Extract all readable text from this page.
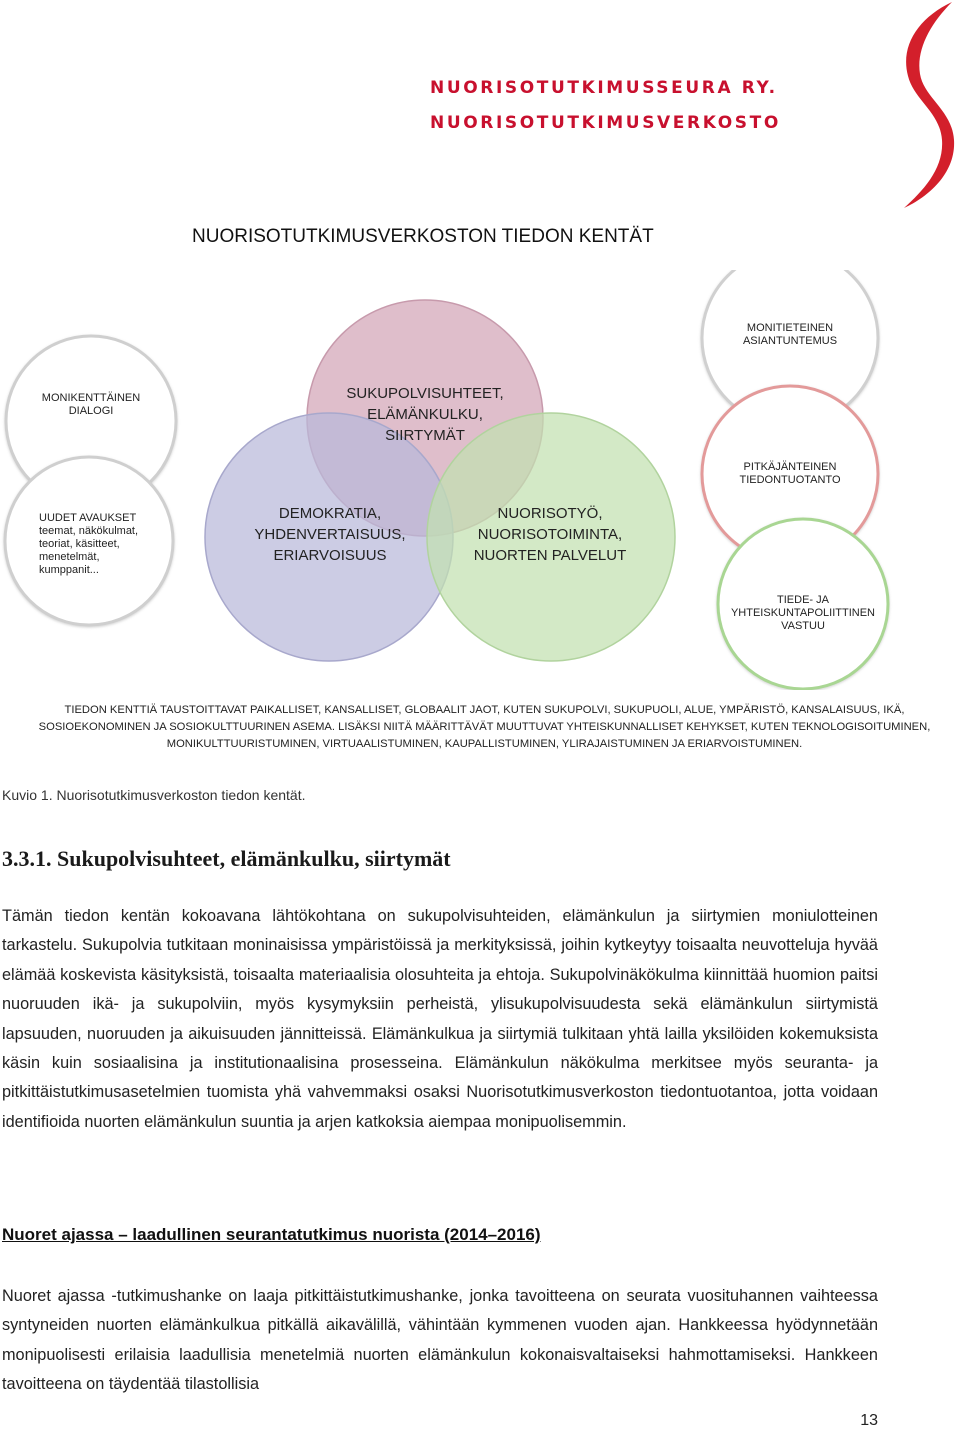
NUORISOTUTKIMUSSEURA RY.
NUORISOTUTKIMUSVERKOSTO
NUORISOTUTKIMUSVERKOSTON TIEDON KENTÄT
SUKUPOLVISUHTEET,
ELÄMÄNKULKU,
SIIRTYMÄT
DEMOKRATIA,
YHDENVERTAISUUS,
ERIARVOISUUS
NUORISOTYÖ,
NUORISOTOIMINTA,
NUORTEN PALVELUT
MONIKENTTÄINEN
DIALOGI
UUDET AVAUKSET
teemat, näkökulmat,
teoriat, käsitteet,
menetelmät,
kumppanit...
MONITIETEINEN
ASIANTUNTEMUS
PITKÄJÄNTEINEN
TIEDONTUOTANTO
TIEDE- JA
YHTEISKUNTAPOLIITTINEN
VASTUU
TIEDON KENTTIÄ TAUSTOITTAVAT PAIKALLISET, KANSALLISET, GLOBAALIT JAOT, KUTEN SUKUPOLVI, SUKUPUOLI, ALUE, YMPÄRISTÖ, KANSALAISUUS, IKÄ, SOSIOEKONOMINEN JA SOSIOKULTTUURINEN ASEMA. LISÄKSI NIITÄ MÄÄRITTÄVÄT MUUTTUVAT YHTEISKUNNALLISET KEHYKSET, KUTEN TEKNOLOGISOITUMINEN, MONIKULTTUURISTUMINEN, VIRTUAALISTUMINEN, KAUPALLISTUMINEN, YLIRAJAISTUMINEN JA ERIARVOISTUMINEN.
Kuvio 1. Nuorisotutkimusverkoston tiedon kentät.
3.3.1. Sukupolvisuhteet, elämänkulku, siirtymät
Tämän tiedon kentän kokoavana lähtökohtana on sukupolvisuhteiden, elämänkulun ja siirtymien moniulotteinen tarkastelu. Sukupolvia tutkitaan moninaisissa ympäristöissä ja merkityksissä, joihin kytkeytyy toisaalta neuvotteluja hyvää elämää koskevista käsityksistä, toisaalta materiaalisia olosuhteita ja ehtoja. Sukupolvinäkökulma kiinnittää huomion paitsi nuoruuden ikä- ja sukupolviin, myös kysymyksiin perheistä, ylisukupolvisuudesta sekä elämänkulun siirtymistä lapsuuden, nuoruuden ja aikuisuuden jännitteissä. Elämänkulkua ja siirtymiä tulkitaan yhtä lailla yksilöiden kokemuksista käsin kuin sosiaalisina ja institutionaalisina prosesseina. Elämänkulun näkökulma merkitsee myös seuranta- ja pitkittäistutkimusasetelmien tuomista yhä vahvemmaksi osaksi Nuorisotutkimusverkoston tiedontuotantoa, jotta voidaan identifioida nuorten elämänkulun suuntia ja arjen katkoksia aiempaa monipuolisemmin.
Nuoret ajassa – laadullinen seurantatutkimus nuorista (2014–2016)
Nuoret ajassa -tutkimushanke on laaja pitkittäistutkimushanke, jonka tavoitteena on seurata vuosituhannen vaihteessa syntyneiden nuorten elämänkulkua pitkällä aikavälillä, vähintään kymmenen vuoden ajan. Hankkeessa hyödynnetään monipuolisesti erilaisia laadullisia menetelmiä nuorten elämänkulun kokonaisvaltaiseksi hahmottamiseksi. Hankkeen tavoitteena on täydentää tilastollisia
13
